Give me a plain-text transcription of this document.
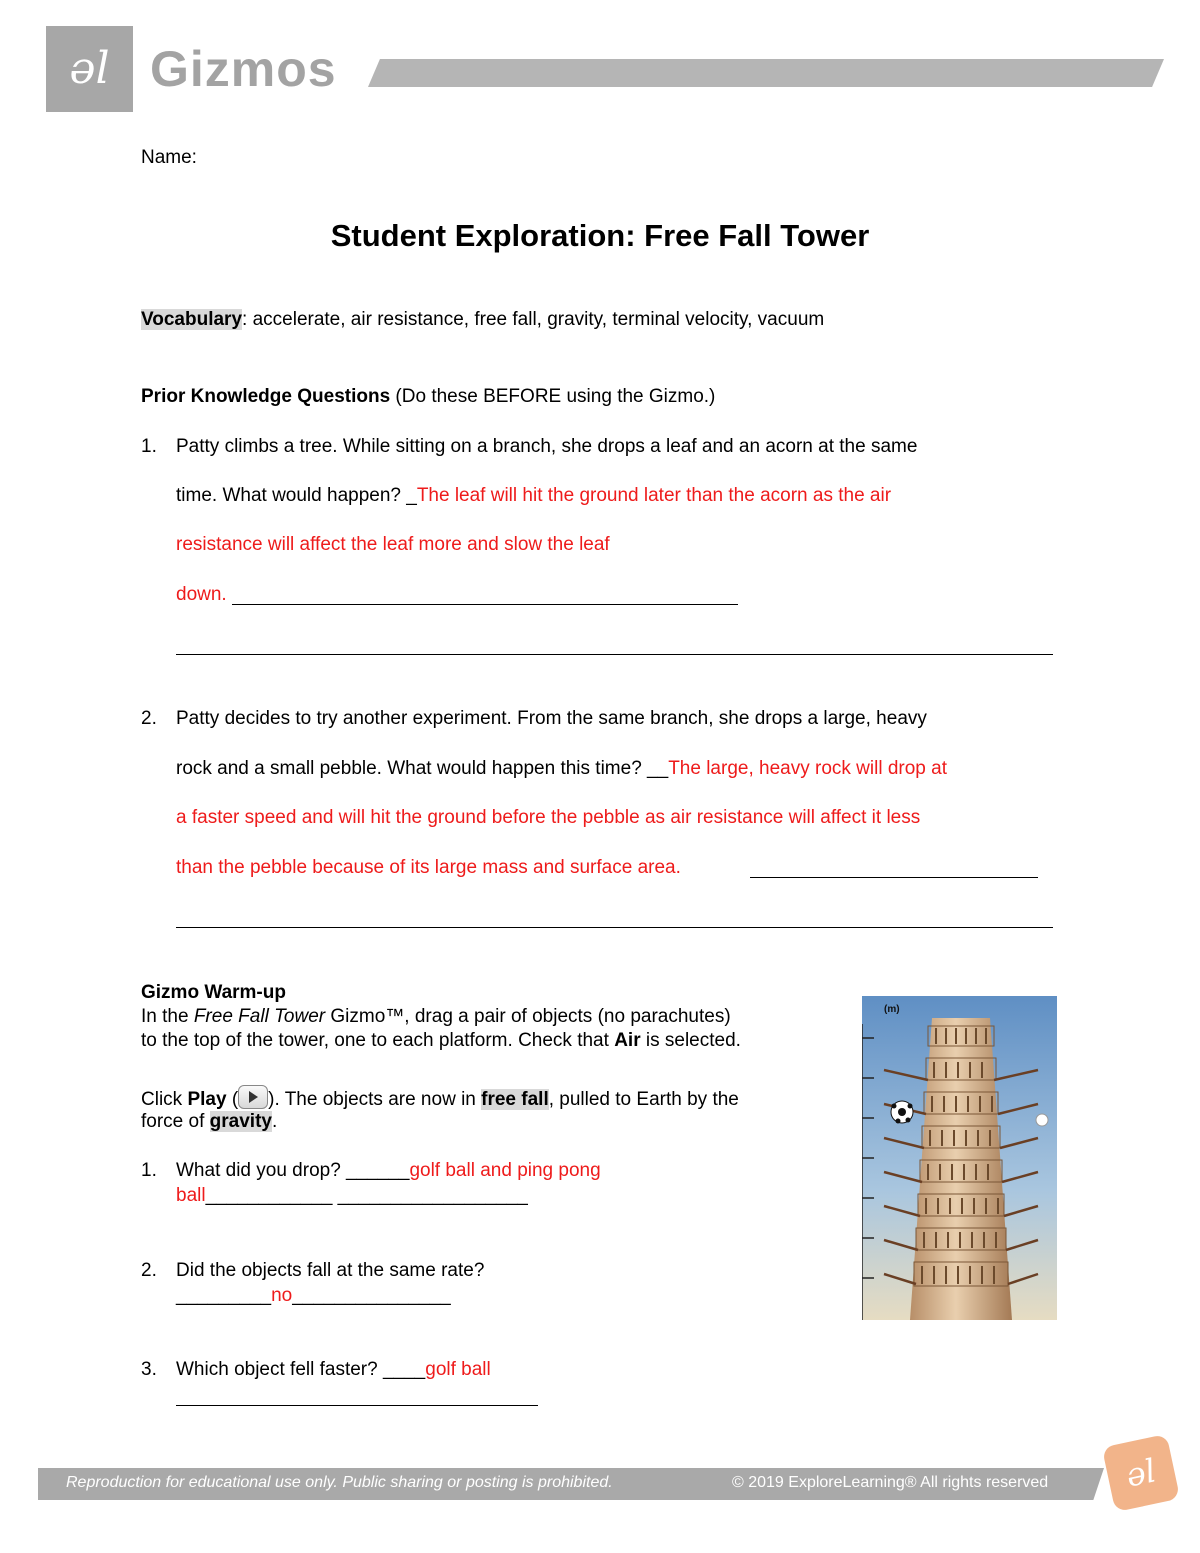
ǝl Gizmos
Name:
Student Exploration: Free Fall Tower
Vocabulary: accelerate, air resistance, free fall, gravity, terminal velocity, vacuum
Prior Knowledge Questions (Do these BEFORE using the Gizmo.)
1. Patty climbs a tree. While sitting on a branch, she drops a leaf and an acorn at the same
time. What would happen? _The leaf will hit the ground later than the acorn as the air
resistance will affect the leaf more and slow the leaf
down.
2. Patty decides to try another experiment. From the same branch, she drops a large, heavy
rock and a small pebble. What would happen this time? __The large, heavy rock will drop at
a faster speed and will hit the ground before the pebble as air resistance will affect it less
than the pebble because of its large mass and surface area.
Gizmo Warm-up
In the Free Fall Tower Gizmo™, drag a pair of objects (no parachutes)
to the top of the tower, one to each platform. Check that Air is selected.
Click Play ( ). The objects are now in free fall, pulled to Earth by the
force of gravity.
1. What did you drop? ______golf ball and ping pong
ball____________ __________________
2. Did the objects fall at the same rate?
_________no_______________
3. Which object fell faster? ____golf ball
(m)
Reproduction for educational use only. Public sharing or posting is prohibited.	© 2019 ExploreLearning® All rights reserved	ǝl
